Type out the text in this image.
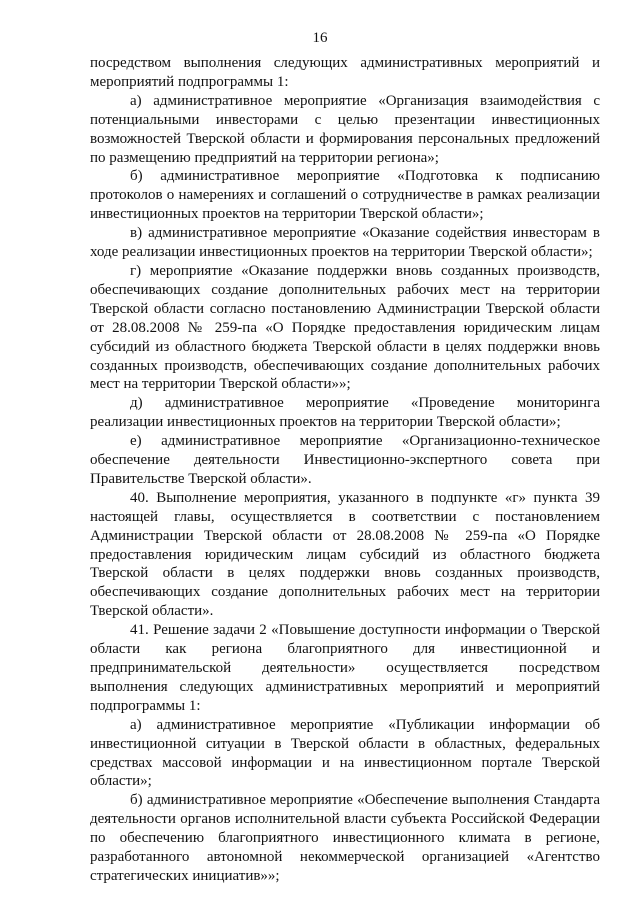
16

посредством выполнения следующих административных мероприятий и мероприятий подпрограммы 1:

а) административное мероприятие «Организация взаимодействия с потенциальными инвесторами с целью презентации инвестиционных возможностей Тверской области и формирования персональных предложений по размещению предприятий на территории региона»;

б) административное мероприятие «Подготовка к подписанию протоколов о намерениях и соглашений о сотрудничестве в рамках реализации инвестиционных проектов на территории Тверской области»;

в) административное мероприятие «Оказание содействия инвесторам в ходе реализации инвестиционных проектов на территории Тверской области»;

г) мероприятие «Оказание поддержки вновь созданных производств, обеспечивающих создание дополнительных рабочих мест на территории Тверской области согласно постановлению Администрации Тверской области от 28.08.2008 № 259-па «О Порядке предоставления юридическим лицам субсидий из областного бюджета Тверской области в целях поддержки вновь созданных производств, обеспечивающих создание дополнительных рабочих мест на территории Тверской области»»;

д) административное мероприятие «Проведение мониторинга реализации инвестиционных проектов на территории Тверской области»;

е) административное мероприятие «Организационно-техническое обеспечение деятельности Инвестиционно-экспертного совета при Правительстве Тверской области».

40. Выполнение мероприятия, указанного в подпункте «г» пункта 39 настоящей главы, осуществляется в соответствии с постановлением Администрации Тверской области от 28.08.2008 № 259-па «О Порядке предоставления юридическим лицам субсидий из областного бюджета Тверской области в целях поддержки вновь созданных производств, обеспечивающих создание дополнительных рабочих мест на территории Тверской области».

41. Решение задачи 2 «Повышение доступности информации о Тверской области как региона благоприятного для инвестиционной и предпринимательской деятельности» осуществляется посредством выполнения следующих административных мероприятий и мероприятий подпрограммы 1:

а) административное мероприятие «Публикации информации об инвестиционной ситуации в Тверской области в областных, федеральных средствах массовой информации и на инвестиционном портале Тверской области»;

б) административное мероприятие «Обеспечение выполнения Стандарта деятельности органов исполнительной власти субъекта Российской Федерации по обеспечению благоприятного инвестиционного климата в регионе, разработанного автономной некоммерческой организацией «Агентство стратегических инициатив»»;
